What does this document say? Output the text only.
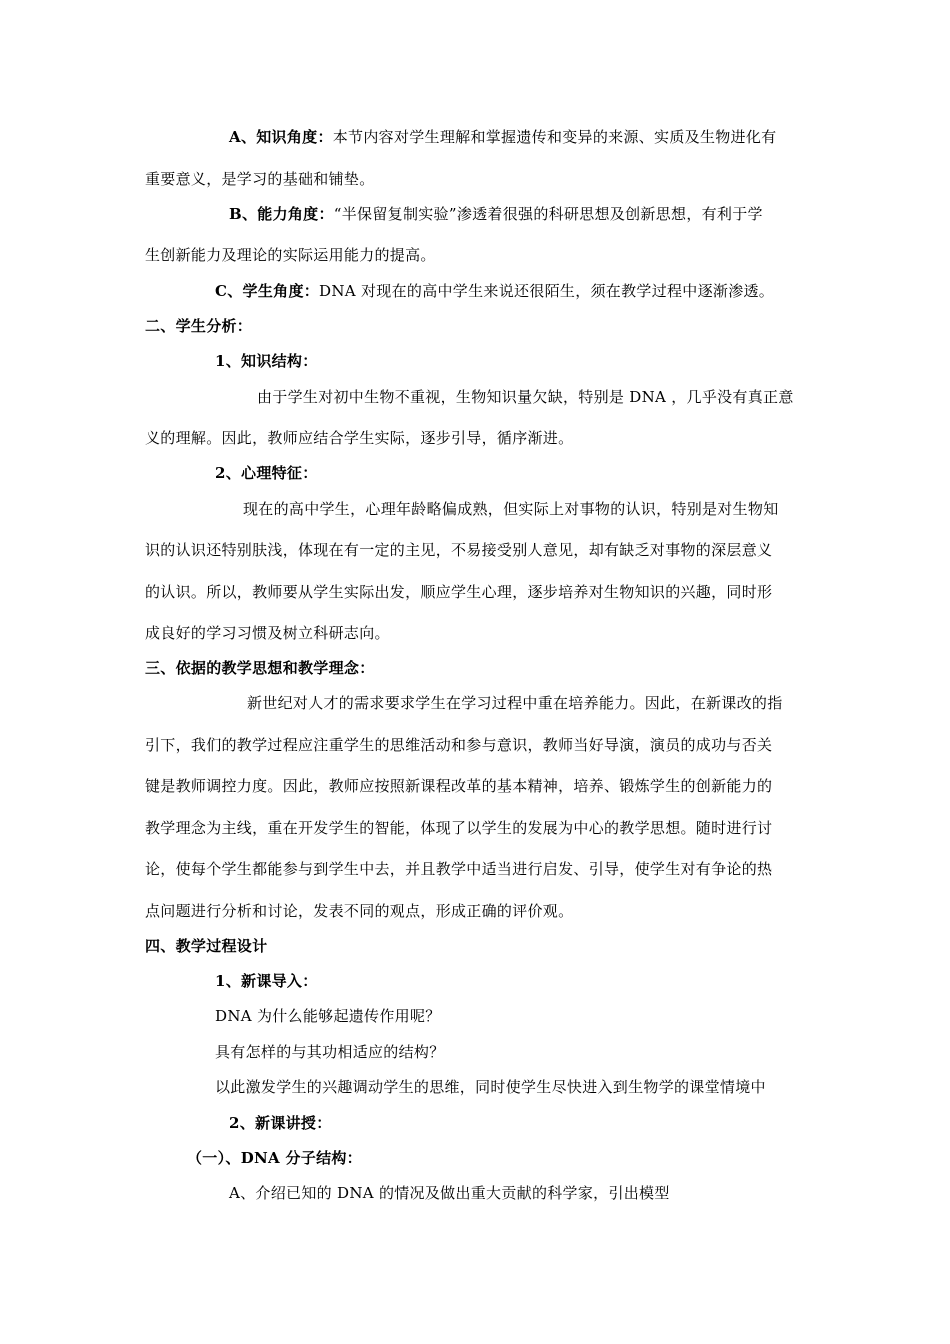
A、知识角度：本节内容对学生理解和掌握遗传和变异的来源、实质及生物进化有
重要意义，是学习的基础和铺垫。
B、能力角度：“半保留复制实验”渗透着很强的科研思想及创新思想，有利于学
生创新能力及理论的实际运用能力的提高。
C、学生角度：DNA 对现在的高中学生来说还很陌生，须在教学过程中逐渐渗透。
二、学生分析：
1、知识结构：
由于学生对初中生物不重视，生物知识量欠缺，特别是 DNA ，几乎没有真正意
义的理解。因此，教师应结合学生实际，逐步引导，循序渐进。
2、心理特征：
现在的高中学生，心理年龄略偏成熟，但实际上对事物的认识，特别是对生物知
识的认识还特别肤浅，体现在有一定的主见，不易接受别人意见，却有缺乏对事物的深层意义
的认识。所以，教师要从学生实际出发，顺应学生心理，逐步培养对生物知识的兴趣，同时形
成良好的学习习惯及树立科研志向。
三、依据的教学思想和教学理念：
新世纪对人才的需求要求学生在学习过程中重在培养能力。因此，在新课改的指
引下，我们的教学过程应注重学生的思维活动和参与意识，教师当好导演，演员的成功与否关
键是教师调控力度。因此，教师应按照新课程改革的基本精神，培养、锻炼学生的创新能力的
教学理念为主线，重在开发学生的智能，体现了以学生的发展为中心的教学思想。随时进行讨
论，使每个学生都能参与到学生中去，并且教学中适当进行启发、引导，使学生对有争论的热
点问题进行分析和讨论，发表不同的观点，形成正确的评价观。
四、教学过程设计
1、新课导入：
DNA 为什么能够起遗传作用呢？
具有怎样的与其功相适应的结构？
以此激发学生的兴趣调动学生的思维，同时使学生尽快进入到生物学的课堂情境中
2、新课讲授：
（一）、DNA 分子结构：
A、介绍已知的 DNA 的情况及做出重大贡献的科学家，引出模型
